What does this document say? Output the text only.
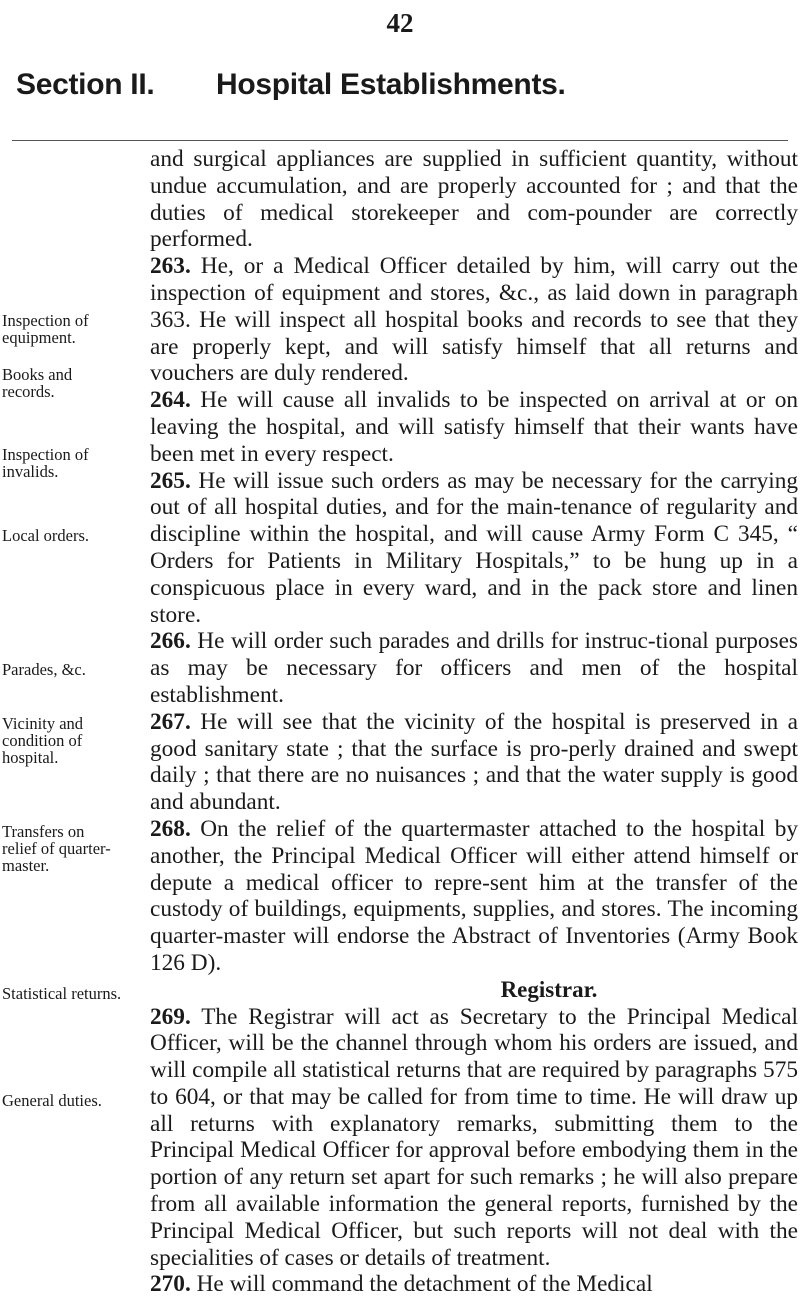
42
Section II. Hospital Establishments.
Inspection of equipment.
Books and records.
Inspection of invalids.
Local orders.
Parades, &c.
Vicinity and condition of hospital.
Transfers on relief of quarter-master.
Statistical returns.
General duties.
and surgical appliances are supplied in sufficient quantity, without undue accumulation, and are properly accounted for ; and that the duties of medical storekeeper and com-pounder are correctly performed.
263. He, or a Medical Officer detailed by him, will carry out the inspection of equipment and stores, &c., as laid down in paragraph 363. He will inspect all hospital books and records to see that they are properly kept, and will satisfy himself that all returns and vouchers are duly rendered.
264. He will cause all invalids to be inspected on arrival at or on leaving the hospital, and will satisfy himself that their wants have been met in every respect.
265. He will issue such orders as may be necessary for the carrying out of all hospital duties, and for the main-tenance of regularity and discipline within the hospital, and will cause Army Form C 345, “ Orders for Patients in Military Hospitals,” to be hung up in a conspicuous place in every ward, and in the pack store and linen store.
266. He will order such parades and drills for instruc-tional purposes as may be necessary for officers and men of the hospital establishment.
267. He will see that the vicinity of the hospital is preserved in a good sanitary state ; that the surface is pro-perly drained and swept daily ; that there are no nuisances ; and that the water supply is good and abundant.
268. On the relief of the quartermaster attached to the hospital by another, the Principal Medical Officer will either attend himself or depute a medical officer to repre-sent him at the transfer of the custody of buildings, equipments, supplies, and stores. The incoming quarter-master will endorse the Abstract of Inventories (Army Book 126 D).
Registrar.
269. The Registrar will act as Secretary to the Principal Medical Officer, will be the channel through whom his orders are issued, and will compile all statistical returns that are required by paragraphs 575 to 604, or that may be called for from time to time. He will draw up all returns with explanatory remarks, submitting them to the Principal Medical Officer for approval before embodying them in the portion of any return set apart for such remarks ; he will also prepare from all available information the general reports, furnished by the Principal Medical Officer, but such reports will not deal with the specialities of cases or details of treatment.
270. He will command the detachment of the Medical
